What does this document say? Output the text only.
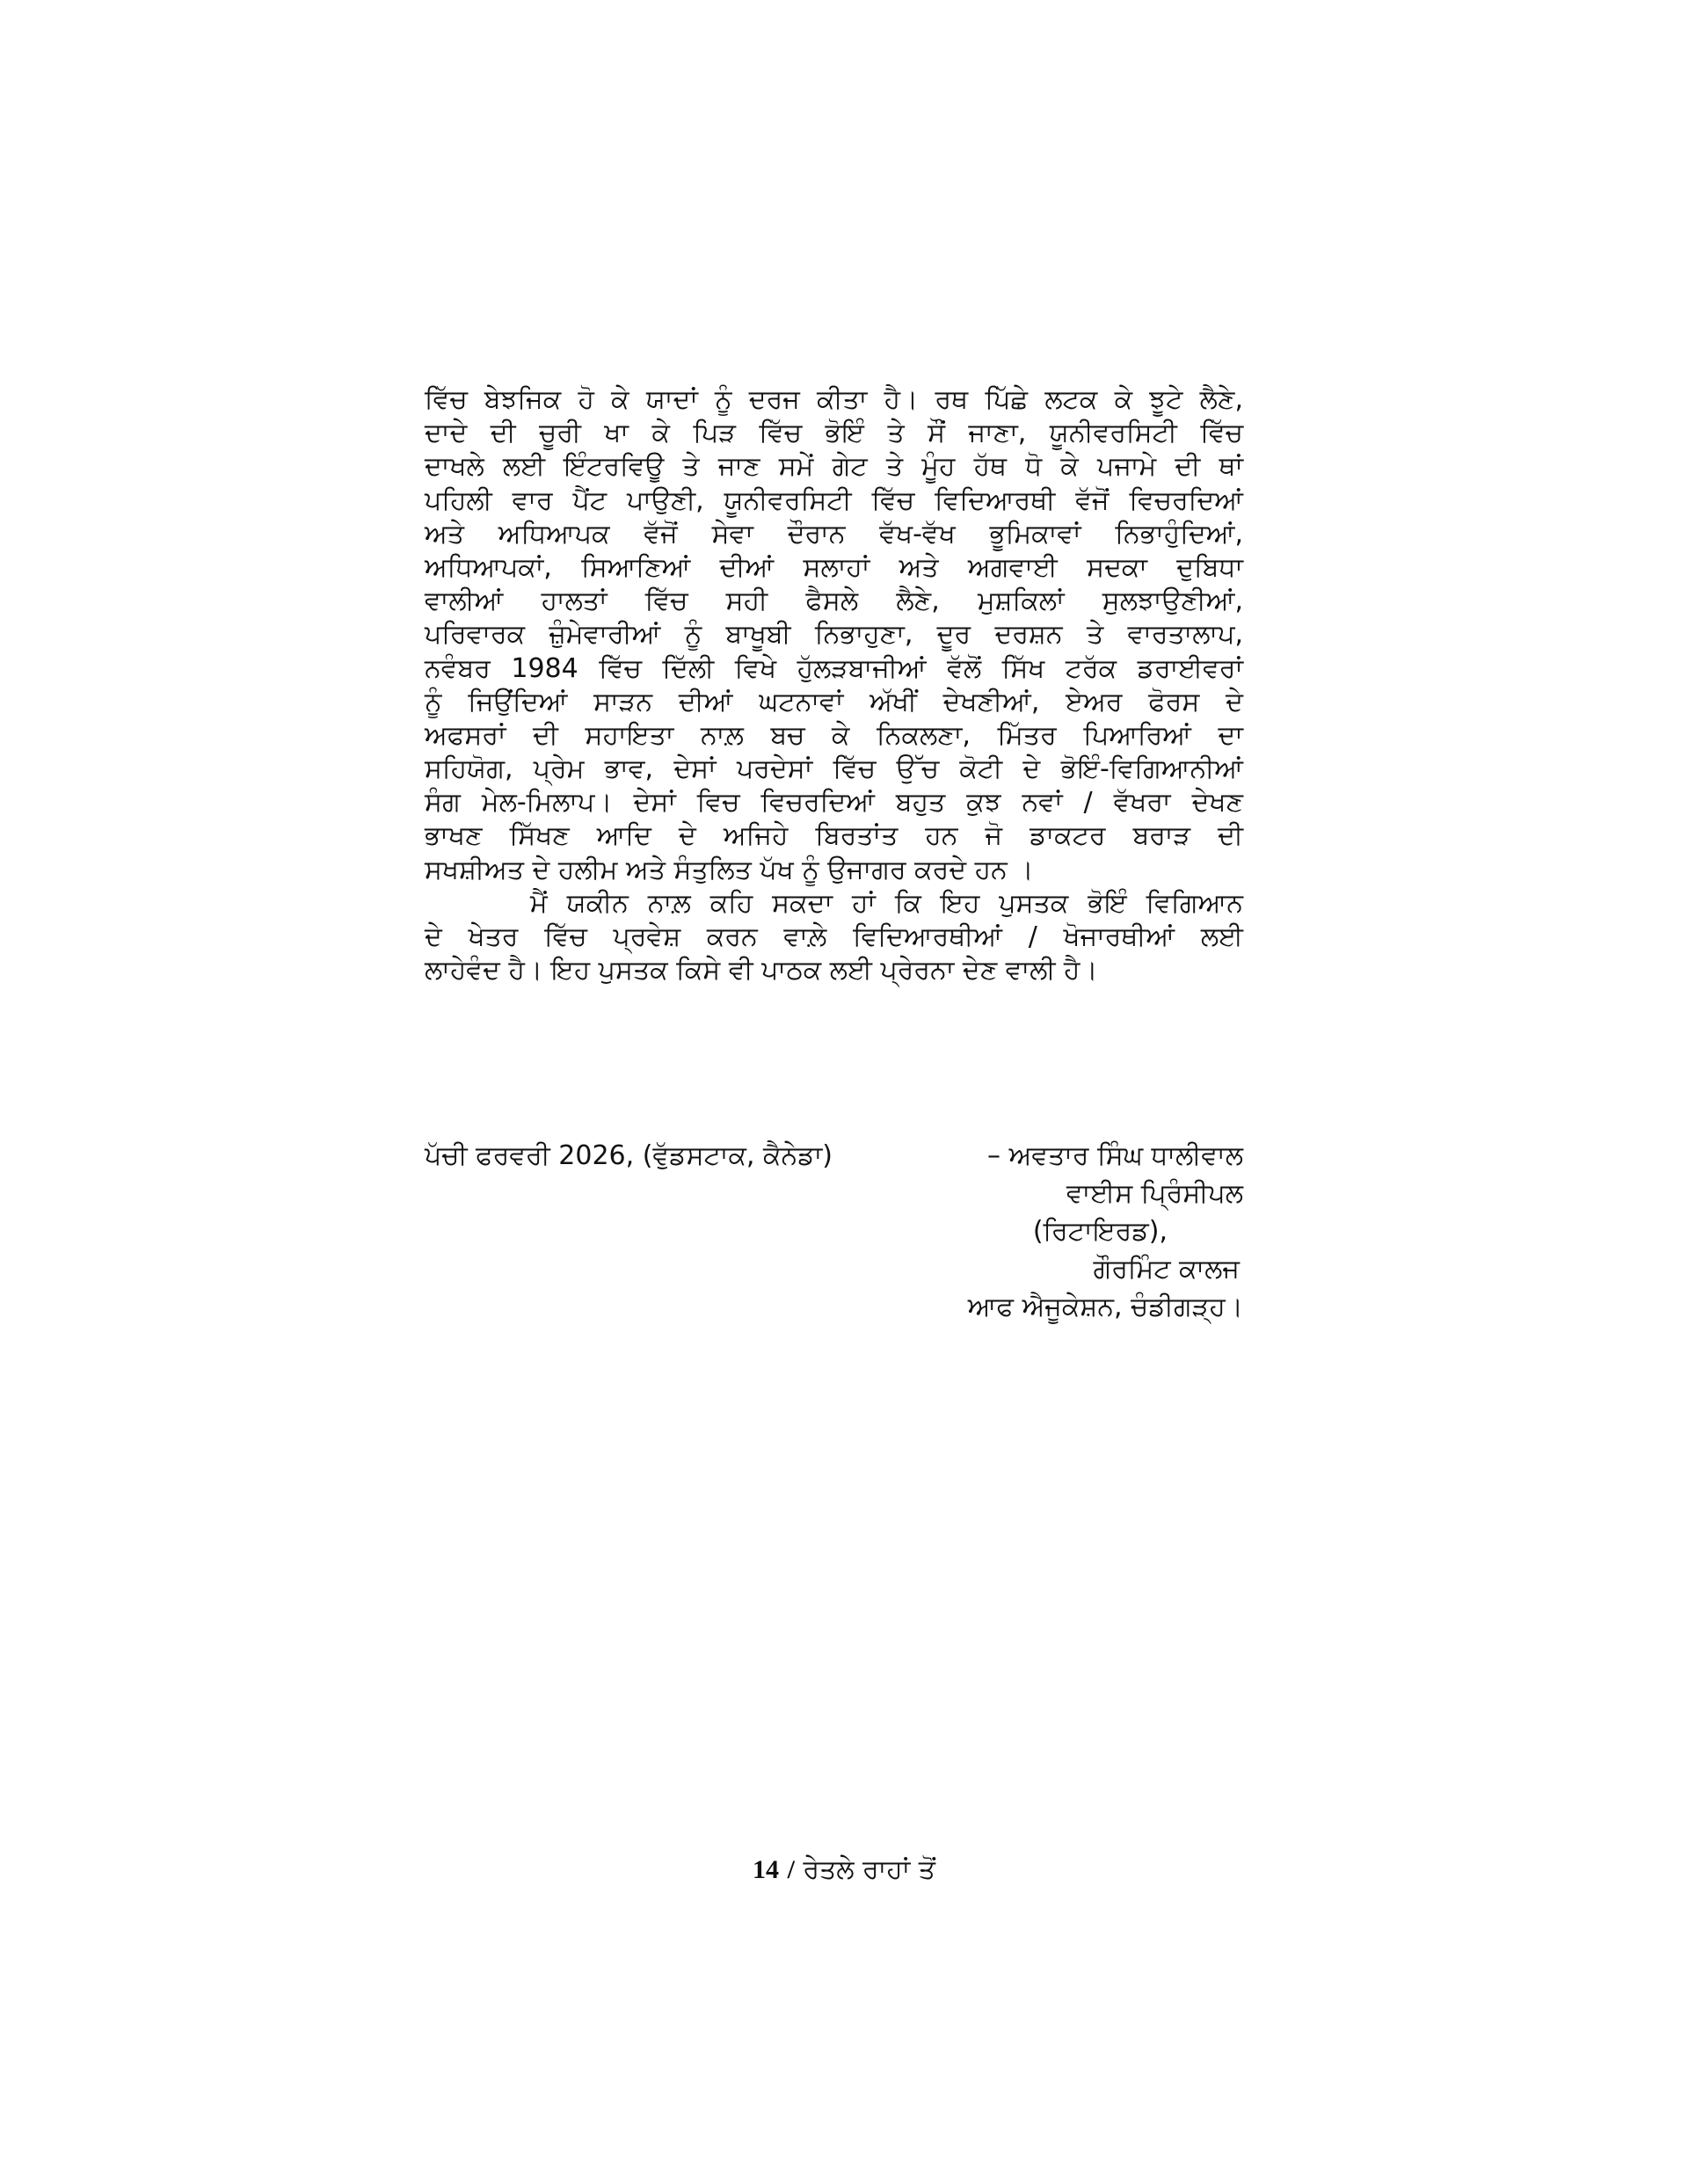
ਵਿੱਚ ਬੇਝਜਿਕ ਹੋ ਕੇ ਯਾਦਾਂ ਨੂੰ ਦਰਜ ਕੀਤਾ ਹੈ। ਰਥ ਪਿੱਛੇ ਲਟਕ ਕੇ ਝੂਟੇ ਲੈਣੇ,
ਦਾਦੇ ਦੀ ਚੂਰੀ ਖਾ ਕੇ ਪਿੜ ਵਿੱਚ ਭੋਇੰ ਤੇ ਸੌਂ ਜਾਣਾ, ਯੂਨੀਵਰਸਿਟੀ ਵਿੱਚ
ਦਾਖਲੇ ਲਈ ਇੰਟਰਵਿਊ ਤੇ ਜਾਣ ਸਮੇਂ ਗੇਟ ਤੇ ਮੂੰਹ ਹੱਥ ਧੋ ਕੇ ਪਜਾਮੇ ਦੀ ਥਾਂ
ਪਹਿਲੀ ਵਾਰ ਪੈਂਟ ਪਾਉਣੀ, ਯੂਨੀਵਰਸਿਟੀ ਵਿੱਚ ਵਿਦਿਆਰਥੀ ਵੱਜੋਂ ਵਿਚਰਦਿਆਂ
ਅਤੇ ਅਧਿਆਪਕ ਵੱਜੋਂ ਸੇਵਾ ਦੌਰਾਨ ਵੱਖ-ਵੱਖ ਭੂਮਿਕਾਵਾਂ ਨਿਭਾਹੁੰਦਿਆਂ,
ਅਧਿਆਪਕਾਂ, ਸਿਆਣਿਆਂ ਦੀਆਂ ਸਲਾਹਾਂ ਅਤੇ ਅਗਵਾਈ ਸਦਕਾ ਦੁਬਿਧਾ
ਵਾਲੀਆਂ ਹਾਲਤਾਂ ਵਿੱਚ ਸਹੀ ਫੈਸਲੇ ਲੈਣੇ, ਮੁਸ਼ਕਿਲਾਂ ਸੁਲਝਾਉਣੀਆਂ,
ਪਰਿਵਾਰਕ ਜ਼ੁੰਮੇਵਾਰੀਆਂ ਨੂੰ ਬਾਖੂਬੀ ਨਿਭਾਹੁਣਾ, ਦੂਰ ਦਰਸ਼ਨ ਤੇ ਵਾਰਤਾਲਾਪ,
ਨਵੰਬਰ 1984 ਵਿੱਚ ਦਿੱਲੀ ਵਿਖੇ ਹੁੱਲੜਬਾਜੀਆਂ ਵੱਲੋਂ ਸਿੱਖ ਟਰੱਕ ਡਰਾਈਵਰਾਂ
ਨੂੰ ਜਿਉਂਦਿਆਂ ਸਾੜਨ ਦੀਆਂ ਘਟਨਾਵਾਂ ਅੱਖੀਂ ਦੇਖਣੀਆਂ, ਏਅਰ ਫੋਰਸ ਦੇ
ਅਫਸਰਾਂ ਦੀ ਸਹਾਇਤਾ ਨਾਲ਼ ਬਚ ਕੇ ਨਿਕਲਣਾ, ਮਿੱਤਰ ਪਿਆਰਿਆਂ ਦਾ
ਸਹਿਯੋਗ, ਪ੍ਰੇਮ ਭਾਵ, ਦੇਸਾਂ ਪਰਦੇਸਾਂ ਵਿੱਚ ਉੱਚ ਕੋਟੀ ਦੇ ਭੋਇੰ-ਵਿਗਿਆਨੀਆਂ
ਸੰਗ ਮੇਲ-ਮਿਲਾਪ। ਦੇਸਾਂ ਵਿਚ ਵਿਚਰਦਿਆਂ ਬਹੁਤ ਕੁਝ ਨਵਾਂ / ਵੱਖਰਾ ਦੇਖਣ
ਭਾਖਣ ਸਿੱਖਣ ਆਦਿ ਦੇ ਅਜਿਹੇ ਬਿਰਤਾਂਤ ਹਨ ਜੋ ਡਾਕਟਰ ਬਰਾੜ ਦੀ
ਸਖਸ਼ੀਅਤ ਦੇ ਹਲੀਮ ਅਤੇ ਸੰਤੁਲਿਤ ਪੱਖ ਨੂੰ ਉਜਾਗਰ ਕਰਦੇ ਹਨ ।
ਮੈਂ ਯਕੀਨ ਨਾਲ਼ ਕਹਿ ਸਕਦਾ ਹਾਂ ਕਿ ਇਹ ਪੁਸਤਕ ਭੋਇੰ ਵਿਗਿਆਨ
ਦੇ ਖੇਤਰ ਵਿੱਚ ਪ੍ਰਵੇਸ਼ ਕਰਨ ਵਾਲ਼ੇ ਵਿਦਿਆਰਥੀਆਂ / ਖੋਜਾਰਥੀਆਂ ਲਈ
ਲਾਹੇਵੰਦ ਹੈ। ਇਹ ਪੁਸਤਕ ਕਿਸੇ ਵੀ ਪਾਠਕ ਲਈ ਪ੍ਰੇਰਨਾ ਦੇਣ ਵਾਲੀ ਹੈ।
ਪੱਚੀ ਫਰਵਰੀ 2026, (ਵੁੱਡਸਟਾਕ, ਕੈਨੇਡਾ)	– ਅਵਤਾਰ ਸਿੰਘ ਧਾਲੀਵਾਲ
ਵਾਈਸ ਪ੍ਰਿੰਸੀਪਲ
(ਰਿਟਾਇਰਡ),
ਗੌਰਮਿੰਟ ਕਾਲਜ
ਆਫ ਐਜੂਕੇਸ਼ਨ, ਚੰਡੀਗੜ੍ਹ।
14 / ਰੇਤਲੇ ਰਾਹਾਂ ਤੋਂ
